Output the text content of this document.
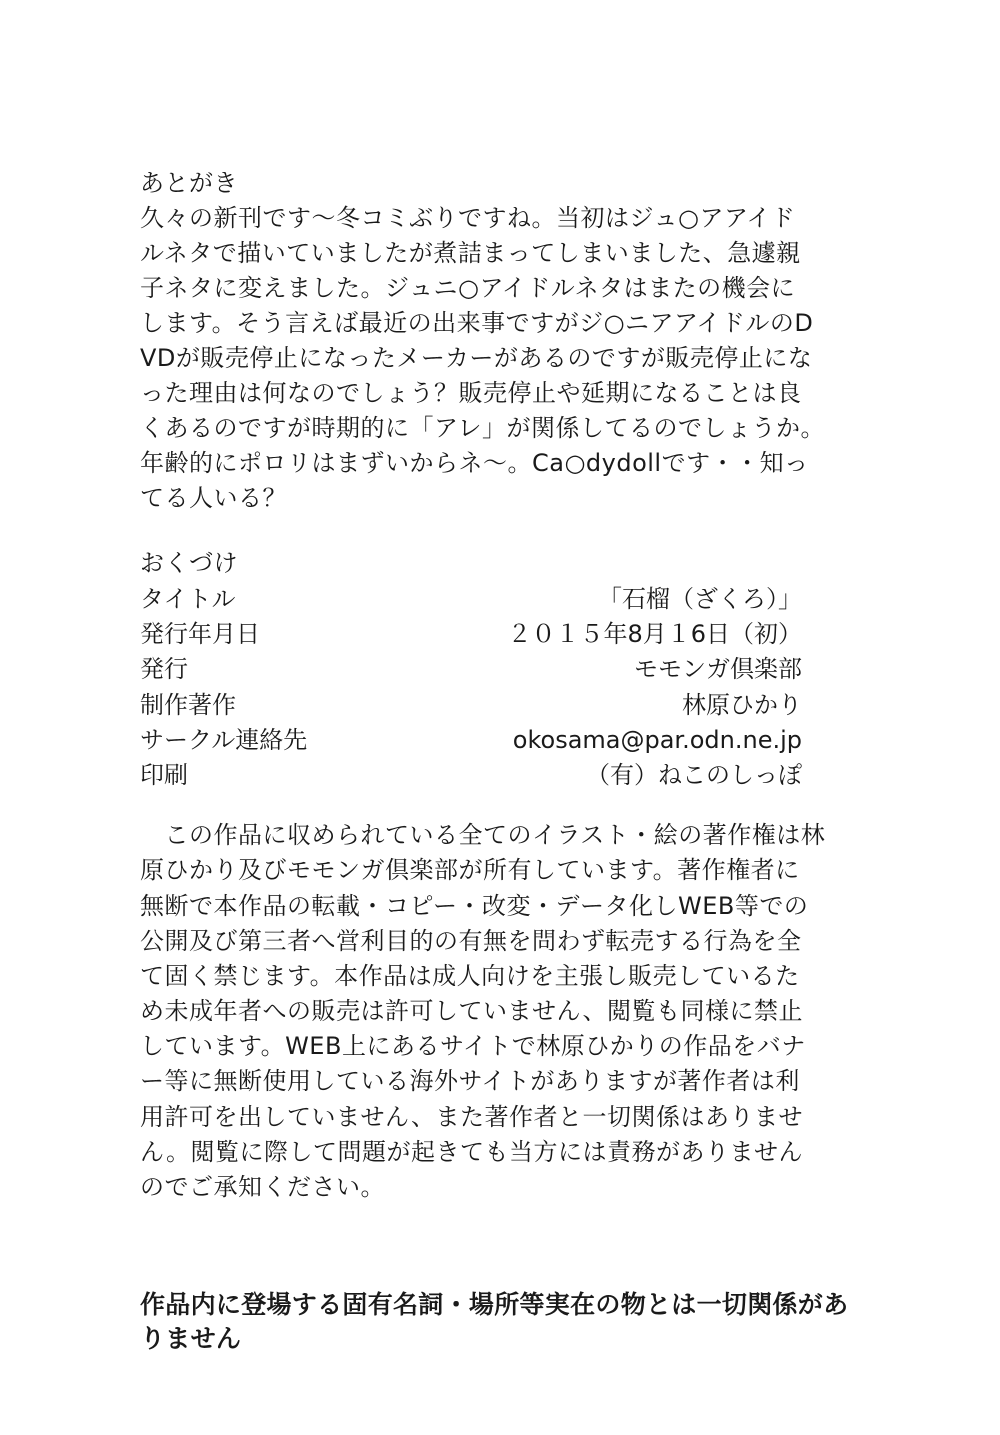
あとがき
久々の新刊です～冬コミぶりですね。当初はジュ○アアイド
ルネタで描いていましたが煮詰まってしまいました、急遽親
子ネタに変えました。ジュニ○アイドルネタはまたの機会に
します。そう言えば最近の出来事ですがジ○ニアアイドルのD
VDが販売停止になったメーカーがあるのですが販売停止にな
った理由は何なのでしょう？販売停止や延期になることは良
くあるのですが時期的に「アレ」が関係してるのでしょうか。
年齢的にポロリはまずいからネ～。Ca○dydollです・・知っ
てる人いる？
おくづけ
タイトル	「石榴（ざくろ）」
発行年月日	２０１５年8月１6日（初）
発行	モモンガ倶楽部
制作著作	林原ひかり
サークル連絡先	okosama@par.odn.ne.jp
印刷	（有）ねこのしっぽ
　この作品に収められている全てのイラスト・絵の著作権は林
原ひかり及びモモンガ倶楽部が所有しています。著作権者に
無断で本作品の転載・コピー・改変・データ化しWEB等での
公開及び第三者へ営利目的の有無を問わず転売する行為を全
て固く禁じます。本作品は成人向けを主張し販売しているた
め未成年者への販売は許可していません、閲覧も同様に禁止
しています。WEB上にあるサイトで林原ひかりの作品をバナ
ー等に無断使用している海外サイトがありますが著作者は利
用許可を出していません、また著作者と一切関係はありませ
ん。閲覧に際して問題が起きても当方には責務がありません
のでご承知ください。
作品内に登場する固有名詞・場所等実在の物とは一切関係があ
りません
